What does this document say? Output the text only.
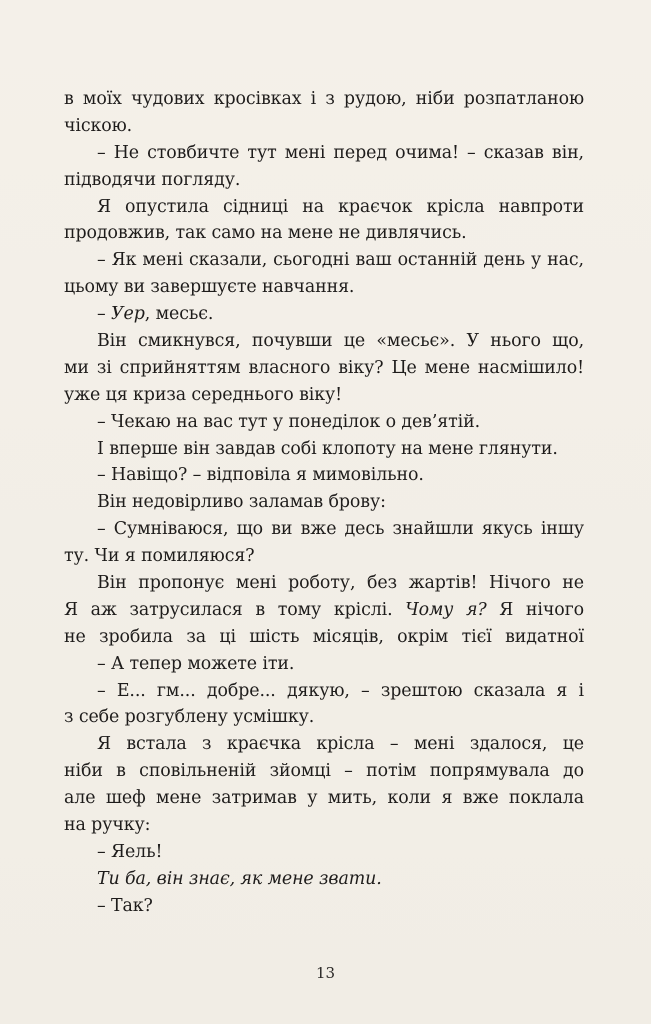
в моїх чудових кросівках і з рудою, ніби розпатланою
чіскою.
– Не стовбичте тут мені перед очима! – сказав він,
підводячи погляду.
Я опустила сідниці на краєчок крісла навпроти
продовжив, так само на мене не дивлячись.
– Як мені сказали, сьогодні ваш останній день у нас,
цьому ви завершуєте навчання.
– Уер, месьє.
Він смикнувся, почувши це «месьє». У нього що,
ми зі сприйняттям власного віку? Це мене насмішило!
уже ця криза середнього віку!
– Чекаю на вас тут у понеділок о дев’ятій.
І вперше він завдав собі клопоту на мене глянути.
– Навіщо? – відповіла я мимовільно.
Він недовірливо заламав брову:
– Сумніваюся, що ви вже десь знайшли якусь іншу
ту. Чи я помиляюся?
Він пропонує мені роботу, без жартів! Нічого не
Я аж затрусилася в тому кріслі. Чому я? Я нічого
не зробила за ці шість місяців, окрім тієї видатної
– А тепер можете іти.
– Е... гм... добре... дякую, – зрештою сказала я і
з себе розгублену усмішку.
Я встала з краєчка крісла – мені здалося, це
ніби в сповільненій зйомці – потім попрямувала до
але шеф мене затримав у мить, коли я вже поклала
на ручку:
– Яель!
Ти ба, він знає, як мене звати.
– Так?
13
